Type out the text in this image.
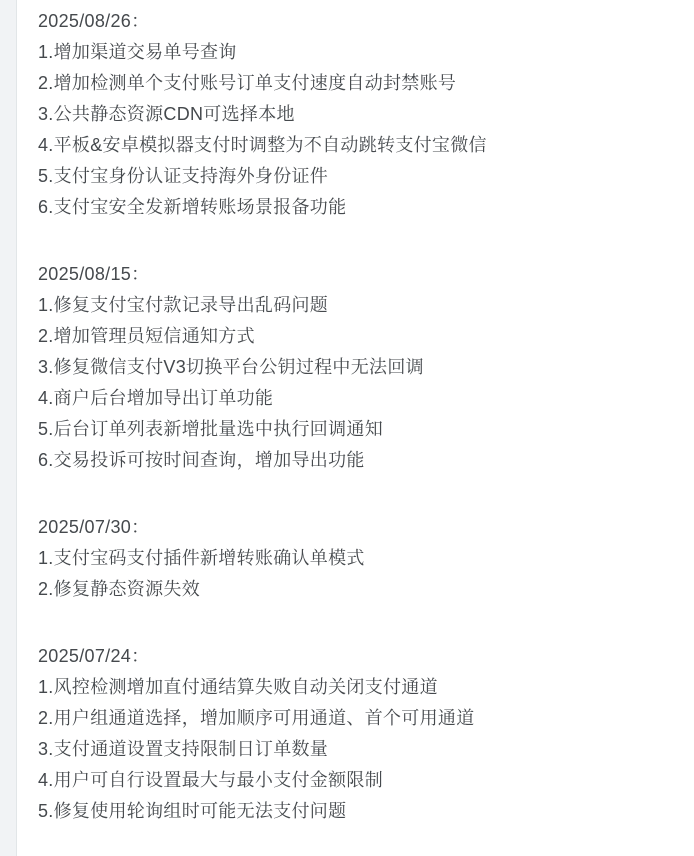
2025/08/26：
1.增加渠道交易单号查询
2.增加检测单个支付账号订单支付速度自动封禁账号
3.公共静态资源CDN可选择本地
4.平板&安卓模拟器支付时调整为不自动跳转支付宝微信
5.支付宝身份认证支持海外身份证件
6.支付宝安全发新增转账场景报备功能
2025/08/15：
1.修复支付宝付款记录导出乱码问题
2.增加管理员短信通知方式
3.修复微信支付V3切换平台公钥过程中无法回调
4.商户后台增加导出订单功能
5.后台订单列表新增批量选中执行回调通知
6.交易投诉可按时间查询，增加导出功能
2025/07/30：
1.支付宝码支付插件新增转账确认单模式
2.修复静态资源失效
2025/07/24：
1.风控检测增加直付通结算失败自动关闭支付通道
2.用户组通道选择，增加顺序可用通道、首个可用通道
3.支付通道设置支持限制日订单数量
4.用户可自行设置最大与最小支付金额限制
5.修复使用轮询组时可能无法支付问题
